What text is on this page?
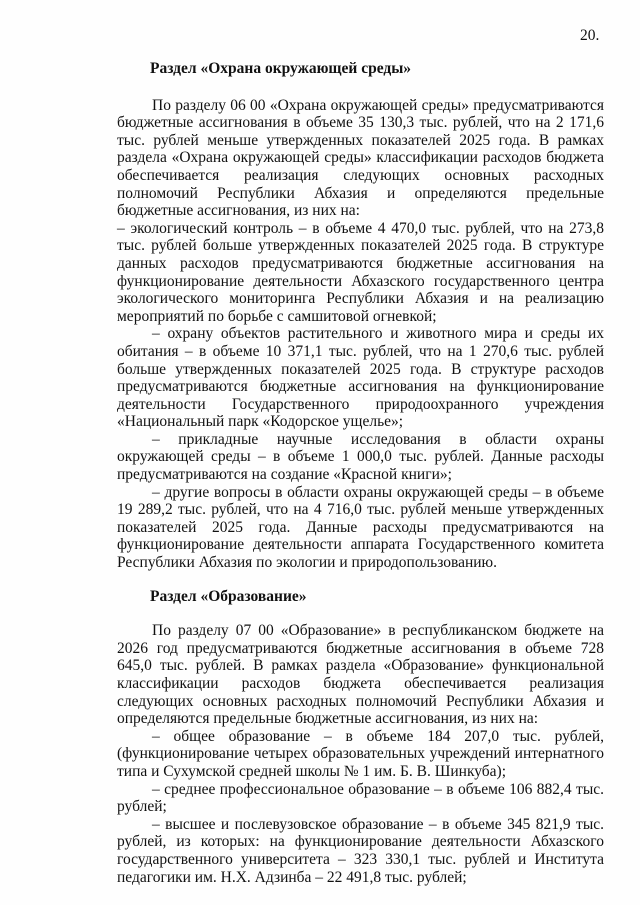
20.

Раздел «Охрана окружающей среды»

По разделу 06 00 «Охрана окружающей среды» предусматриваются бюджетные ассигнования в объеме 35 130,3 тыс. рублей, что на 2 171,6 тыс. рублей меньше утвержденных показателей 2025 года. В рамках раздела «Охрана окружающей среды» классификации расходов бюджета обеспечивается реализация следующих основных расходных полномочий Республики Абхазия и определяются предельные бюджетные ассигнования, из них на:

– экологический контроль – в объеме 4 470,0 тыс. рублей, что на 273,8 тыс. рублей больше утвержденных показателей 2025 года. В структуре данных расходов предусматриваются бюджетные ассигнования на функционирование деятельности Абхазского государственного центра экологического мониторинга Республики Абхазия и на реализацию мероприятий по борьбе с самшитовой огневкой;

– охрану объектов растительного и животного мира и среды их обитания – в объеме 10 371,1 тыс. рублей, что на 1 270,6 тыс. рублей больше утвержденных показателей 2025 года. В структуре расходов предусматриваются бюджетные ассигнования на функционирование деятельности Государственного природоохранного учреждения «Национальный парк «Кодорское ущелье»;

– прикладные научные исследования в области охраны окружающей среды – в объеме 1 000,0 тыс. рублей. Данные расходы предусматриваются на создание «Красной книги»;

– другие вопросы в области охраны окружающей среды – в объеме 19 289,2 тыс. рублей, что на 4 716,0 тыс. рублей меньше утвержденных показателей 2025 года. Данные расходы предусматриваются на функционирование деятельности аппарата Государственного комитета Республики Абхазия по экологии и природопользованию.

Раздел «Образование»

По разделу 07 00 «Образование» в республиканском бюджете на 2026 год предусматриваются бюджетные ассигнования в объеме 728 645,0 тыс. рублей. В рамках раздела «Образование» функциональной классификации расходов бюджета обеспечивается реализация следующих основных расходных полномочий Республики Абхазия и определяются предельные бюджетные ассигнования, из них на:

– общее образование – в объеме 184 207,0 тыс. рублей, (функционирование четырех образовательных учреждений интернатного типа и Сухумской средней школы № 1 им. Б. В. Шинкуба);

– среднее профессиональное образование – в объеме 106 882,4 тыс. рублей;

– высшее и послевузовское образование – в объеме 345 821,9 тыс. рублей, из которых: на функционирование деятельности Абхазского государственного университета – 323 330,1 тыс. рублей и Института педагогики им. Н.Х. Адзинба – 22 491,8 тыс. рублей;
